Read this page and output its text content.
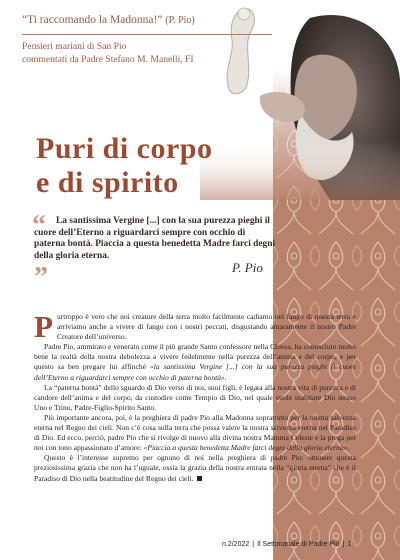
“Ti raccomando la Madonna!” (P. Pio)
Pensieri mariani di San Pio
commentati da Padre Stefano M. Manelli, FI
Puri di corpo
e di spirito
“	La santissima Vergine [...] con la sua purezza pieghi il cuore dell’Eterno a riguardarci sempre con occhio di paterna bontà. Piaccia a questa benedetta Madre farci degni della gloria eterna.
”	P. Pio

Purtroppo è vero che noi creature della terra molto facilmente cadiamo nel fango di questa terra e arriviamo anche a vivere di fango con i nostri peccati, disgustando amaramente il nostro Padre Creatore dell’universo.

Padre Pio, ammirato e venerato come il più grande Santo confessore nella Chiesa, ha conosciuto molto bene la realtà della nostra debolezza a vivere fedelmente nella purezza dell’anima e del corpo, e per questo sa ben pregare lui affinché «la santissima Vergine [...] con la sua purezza pieghi il cuore dell’Eterno a riguardarci sempre con occhio di paterna bontà».

La “paterna bontà” dello sguardo di Dio verso di noi, suoi figli, è legata alla nostra vita di purezza e di candore dell’anima e del corpo, da custodire come Tempio di Dio, nel quale vuole inabitare Dio stesso Uno e Trino, Padre-Figlio-Spirito Santo.

Più importante ancora, poi, è la preghiera di padre Pio alla Madonna soprattutto per la nostra salvezza eterna nel Regno dei cieli. Non c’è cosa sulla terra che possa valere la nostra salvezza eterna nel Paradiso di Dio. Ed ecco, perciò, padre Pio che si rivolge di nuovo alla divina nostra Mamma Celeste e la prega per noi con tono appassionato d’amore: «Piaccia a questa benedetta Madre farci degni della gloria eterna».

Questo è l’interesse supremo per ognuno di noi nella preghiera di padre Pio: ottenere questa preziosissima grazia che non ha l’uguale, ossia la grazia della nostra entrata nella “gloria eterna” che è il Paradiso di Dio nella beatitudine del Regno dei cieli.

n.2/2022 | Il Settimanale di Padre Pio | 1
